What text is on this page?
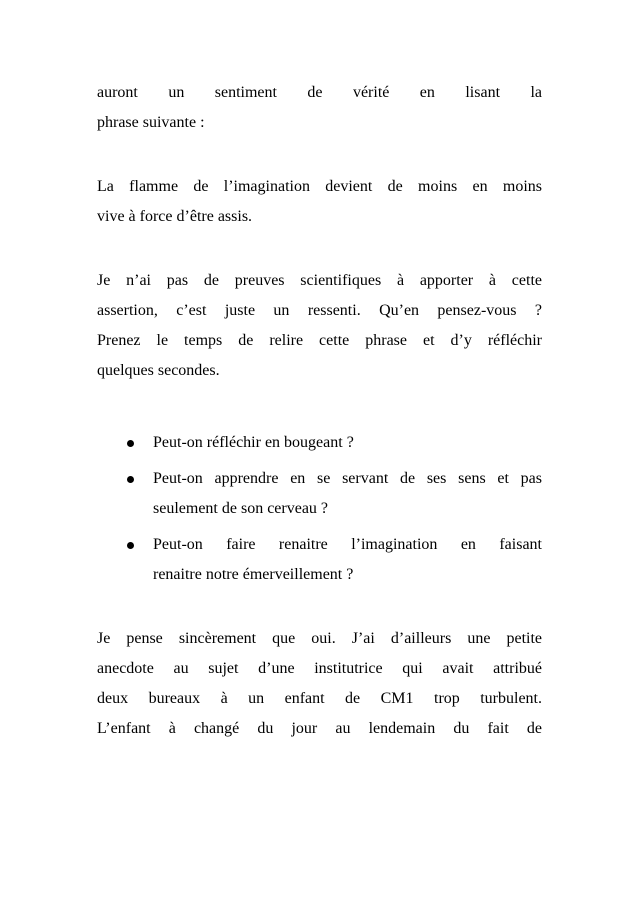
auront un sentiment de vérité en lisant la
phrase suivante :
La flamme de l’imagination devient de moins en moins
vive à force d’être assis.
Je n’ai pas de preuves scientifiques à apporter à cette
assertion, c’est juste un ressenti. Qu’en pensez-vous ?
Prenez le temps de relire cette phrase et d’y réfléchir
quelques secondes.
Peut-on réfléchir en bougeant ?
Peut-on apprendre en se servant de ses sens et pas
seulement de son cerveau ?
Peut-on faire renaitre l’imagination en faisant
renaitre notre émerveillement ?
Je pense sincèrement que oui. J’ai d’ailleurs une petite
anecdote au sujet d’une institutrice qui avait attribué
deux bureaux à un enfant de CM1 trop turbulent.
L’enfant à changé du jour au lendemain du fait de
